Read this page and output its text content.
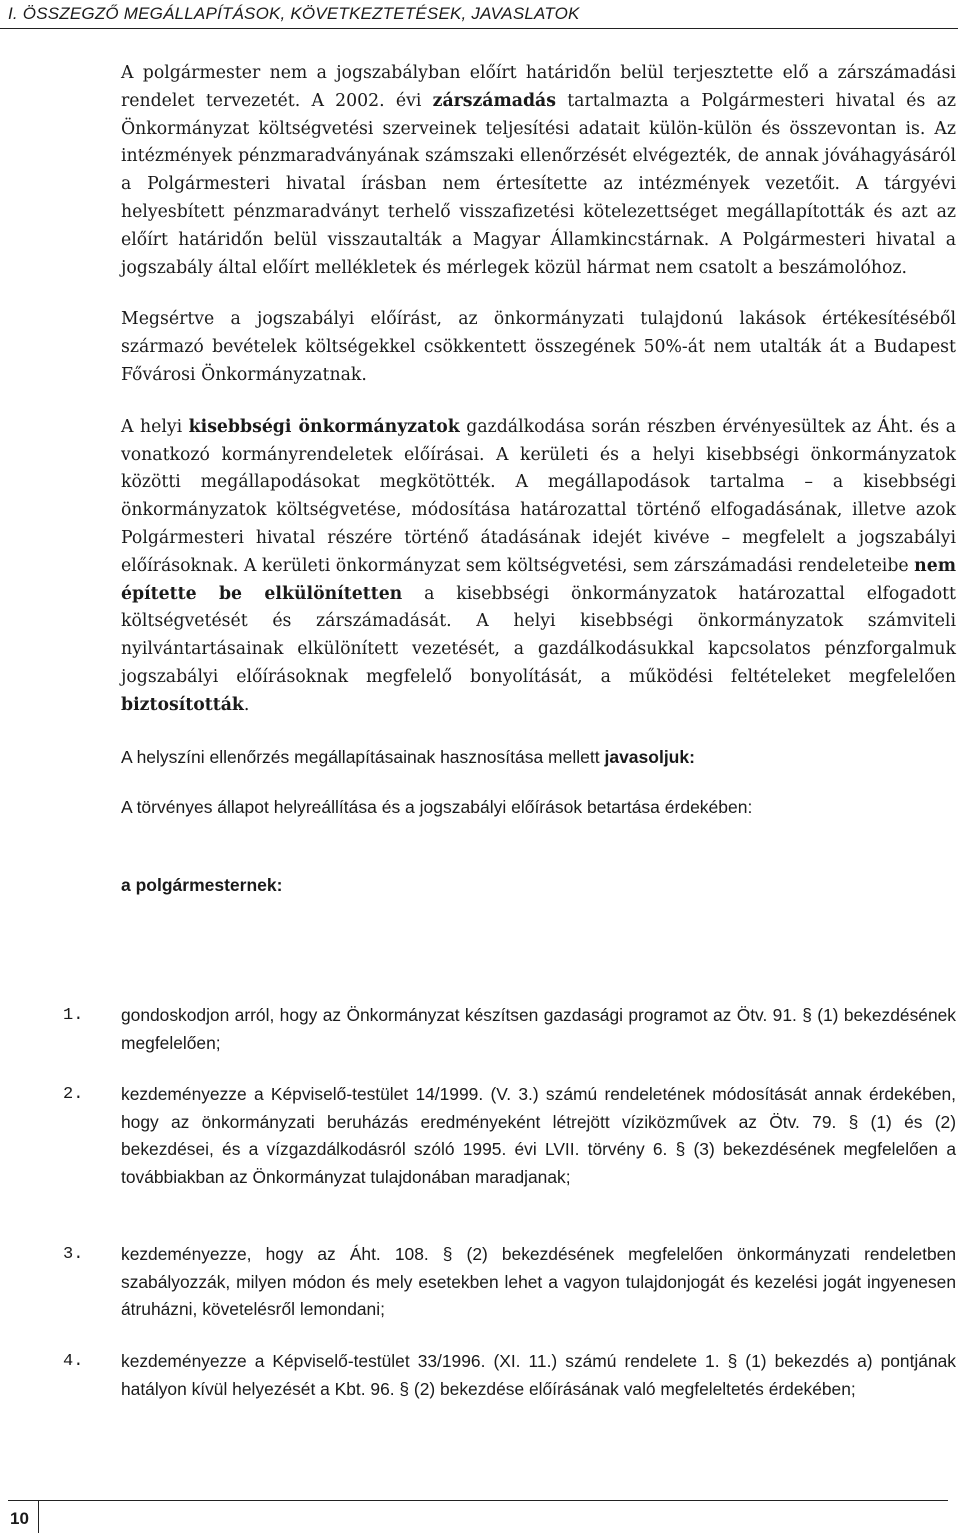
I. ÖSSZEGZŐ MEGÁLLAPÍTÁSOK, KÖVETKEZTETÉSEK, JAVASLATOK

A polgármester nem a jogszabályban előírt határidőn belül terjesztette elő a zárszámadási rendelet tervezetét. A 2002. évi zárszámadás tartalmazta a Polgármesteri hivatal és az Önkormányzat költségvetési szerveinek teljesítési adatait külön-külön és összevontan is. Az intézmények pénzmaradványának számszaki ellenőrzését elvégezték, de annak jóváhagyásáról a Polgármesteri hivatal írásban nem értesítette az intézmények vezetőit. A tárgyévi helyesbített pénzmaradványt terhelő visszafizetési kötelezettséget megállapították és azt az előírt határidőn belül visszautalták a Magyar Államkincstárnak. A Polgármesteri hivatal a jogszabály által előírt mellékletek és mérlegek közül hármat nem csatolt a beszámolóhoz.

Megsértve a jogszabályi előírást, az önkormányzati tulajdonú lakások értékesítéséből származó bevételek költségekkel csökkentett összegének 50%-át nem utalták át a Budapest Fővárosi Önkormányzatnak.

A helyi kisebbségi önkormányzatok gazdálkodása során részben érvényesültek az Áht. és a vonatkozó kormányrendeletek előírásai. A kerületi és a helyi kisebbségi önkormányzatok közötti megállapodásokat megkötötték. A megállapodások tartalma – a kisebbségi önkormányzatok költségvetése, módosítása határozattal történő elfogadásának, illetve azok Polgármesteri hivatal részére történő átadásának idejét kivéve – megfelelt a jogszabályi előírásoknak. A kerületi önkormányzat sem költségvetési, sem zárszámadási rendeleteibe nem építette be elkülönítetten a kisebbségi önkormányzatok határozattal elfogadott költségvetését és zárszámadását. A helyi kisebbségi önkormányzatok számviteli nyilvántartásainak elkülönített vezetését, a gazdálkodásukkal kapcsolatos pénzforgalmuk jogszabályi előírásoknak megfelelő bonyolítását, a működési feltételeket megfelelően biztosították.

A helyszíni ellenőrzés megállapításainak hasznosítása mellett javasoljuk:

A törvényes állapot helyreállítása és a jogszabályi előírások betartása érdekében:

a polgármesternek:

1.	gondoskodjon arról, hogy az Önkormányzat készítsen gazdasági programot az Ötv. 91. § (1) bekezdésének megfelelően;
2.	kezdeményezze a Képviselő-testület 14/1999. (V. 3.) számú rendeletének módosítását annak érdekében, hogy az önkormányzati beruházás eredményeként létrejött víziközművek az Ötv. 79. § (1) és (2) bekezdései, és a vízgazdálkodásról szóló 1995. évi LVII. törvény 6. § (3) bekezdésének megfelelően a továbbiakban az Önkormányzat tulajdonában maradjanak;
3.	kezdeményezze, hogy az Áht. 108. § (2) bekezdésének megfelelően önkormányzati rendeletben szabályozzák, milyen módon és mely esetekben lehet a vagyon tulajdonjogát és kezelési jogát ingyenesen átruházni, követelésről lemondani;
4.	kezdeményezze a Képviselő-testület 33/1996. (XI. 11.) számú rendelete 1. § (1) bekezdés a) pontjának hatályon kívül helyezését a Kbt. 96. § (2) bekezdése előírásának való megfeleltetés érdekében;
10
